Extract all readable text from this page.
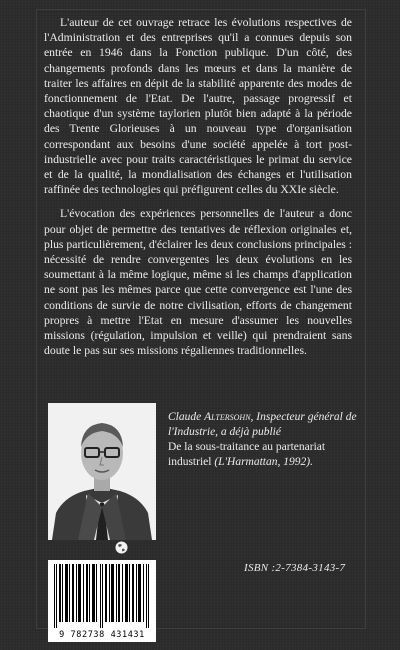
L'auteur de cet ouvrage retrace les évolutions respectives de l'Administration et des entreprises qu'il a connues depuis son entrée en 1946 dans la Fonction publique. D'un côté, des changements profonds dans les mœurs et dans la manière de traiter les affaires en dépit de la stabilité apparente des modes de fonctionnement de l'Etat. De l'autre, passage progressif et chaotique d'un système taylorien plutôt bien adapté à la période des Trente Glorieuses à un nouveau type d'organisation correspondant aux besoins d'une société appelée à tort post-industrielle avec pour traits caractéristiques le primat du service et de la qualité, la mondialisation des échanges et l'utilisation raffinée des technologies qui préfigurent celles du XXIe siècle.

L'évocation des expériences personnelles de l'auteur a donc pour objet de permettre des tentatives de réflexion originales et, plus particulièrement, d'éclairer les deux conclusions principales : nécessité de rendre convergentes les deux évolutions en les soumettant à la même logique, même si les champs d'application ne sont pas les mêmes parce que cette convergence est l'une des conditions de survie de notre civilisation, efforts de changement propres à mettre l'Etat en mesure d'assumer les nouvelles missions (régulation, impulsion et veille) qui prendraient sans doute le pas sur ses missions régaliennes traditionnelles.

Claude Altersohn, Inspecteur général de l'Industrie, a déjà publié
De la sous-traitance au partenariat industriel (L'Harmattan, 1992).
ISBN :2-7384-3143-7
9 782738 431431
